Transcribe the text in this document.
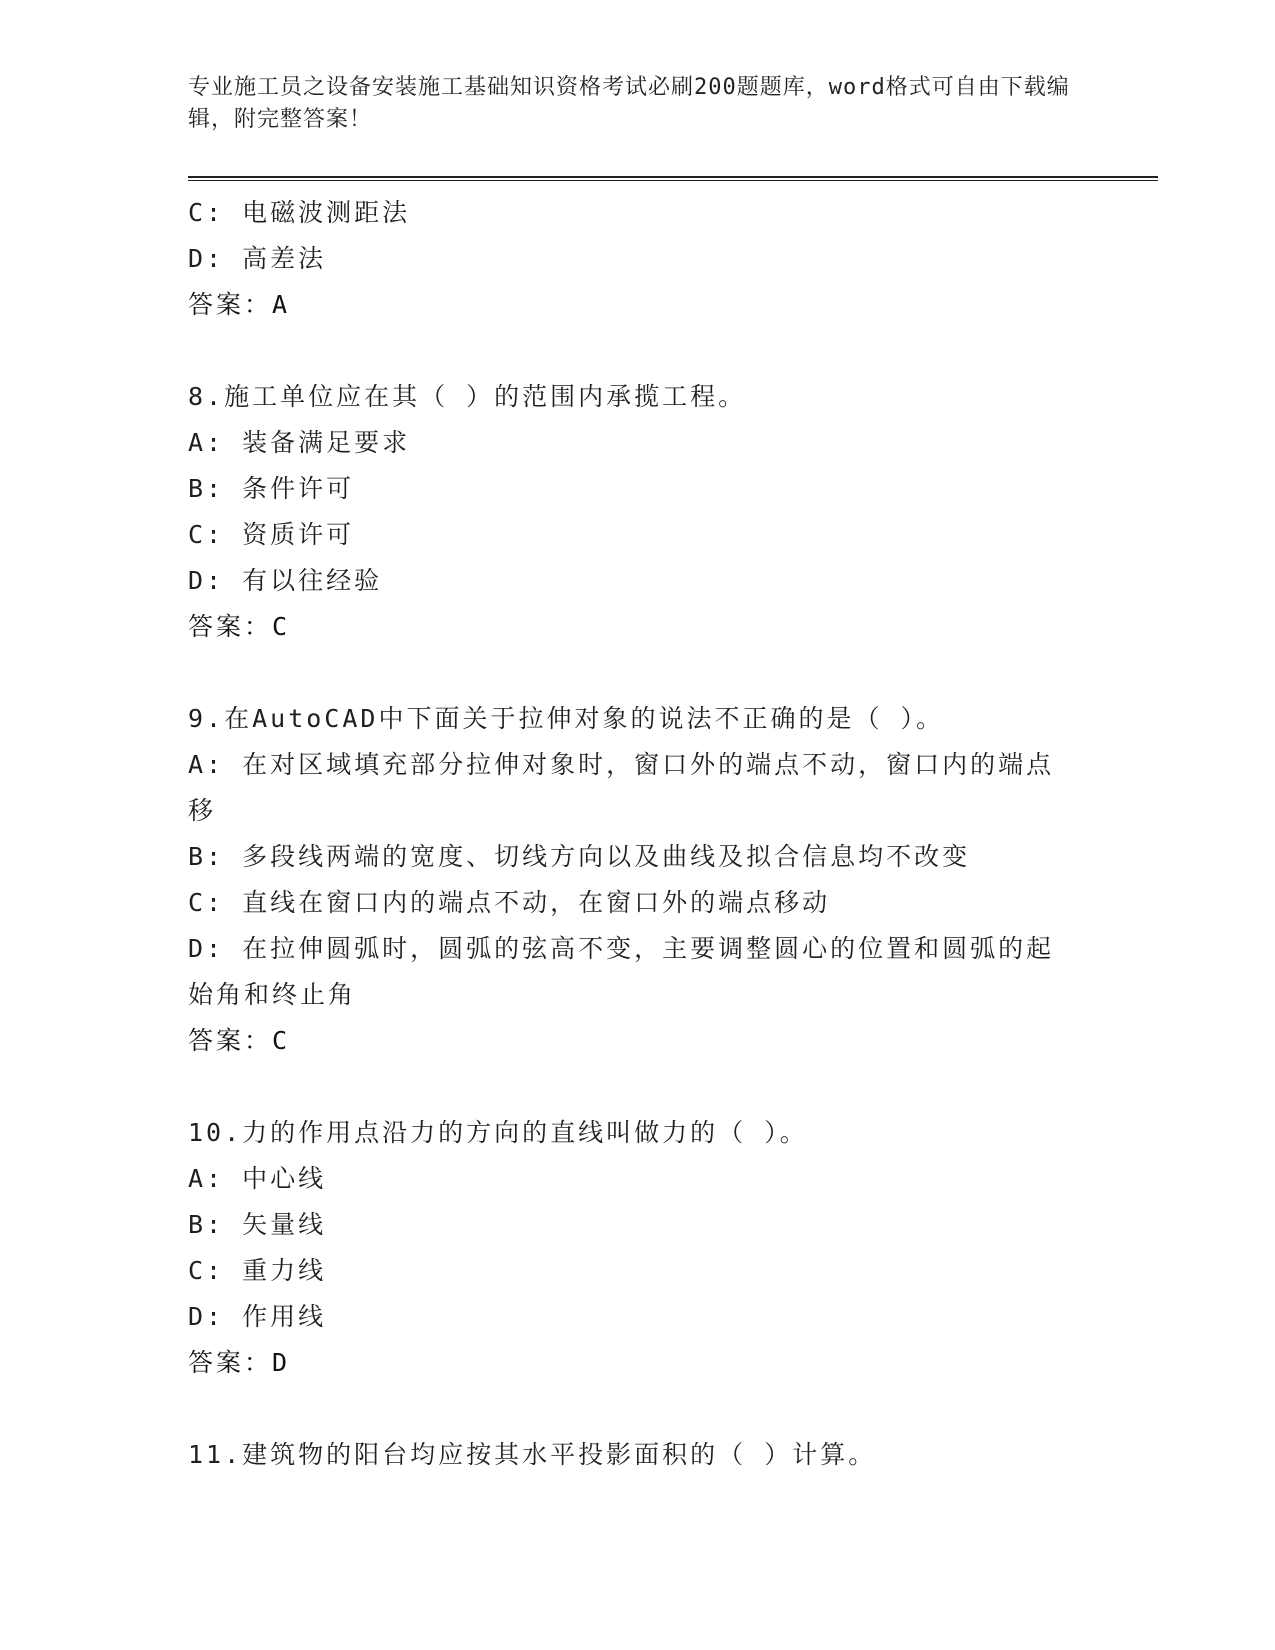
专业施工员之设备安装施工基础知识资格考试必刷200题题库，word格式可自由下载编辑，附完整答案！
C: 电磁波测距法
D: 高差法
答案：A
8.施工单位应在其（ ）的范围内承揽工程。
A: 装备满足要求
B: 条件许可
C: 资质许可
D: 有以往经验
答案：C
9.在AutoCAD中下面关于拉伸对象的说法不正确的是（ ）。
A: 在对区域填充部分拉伸对象时，窗口外的端点不动，窗口内的端点移
B: 多段线两端的宽度、切线方向以及曲线及拟合信息均不改变
C: 直线在窗口内的端点不动，在窗口外的端点移动
D: 在拉伸圆弧时，圆弧的弦高不变，主要调整圆心的位置和圆弧的起始角和终止角
答案：C
10.力的作用点沿力的方向的直线叫做力的（ ）。
A: 中心线
B: 矢量线
C: 重力线
D: 作用线
答案：D
11.建筑物的阳台均应按其水平投影面积的（ ）计算。
